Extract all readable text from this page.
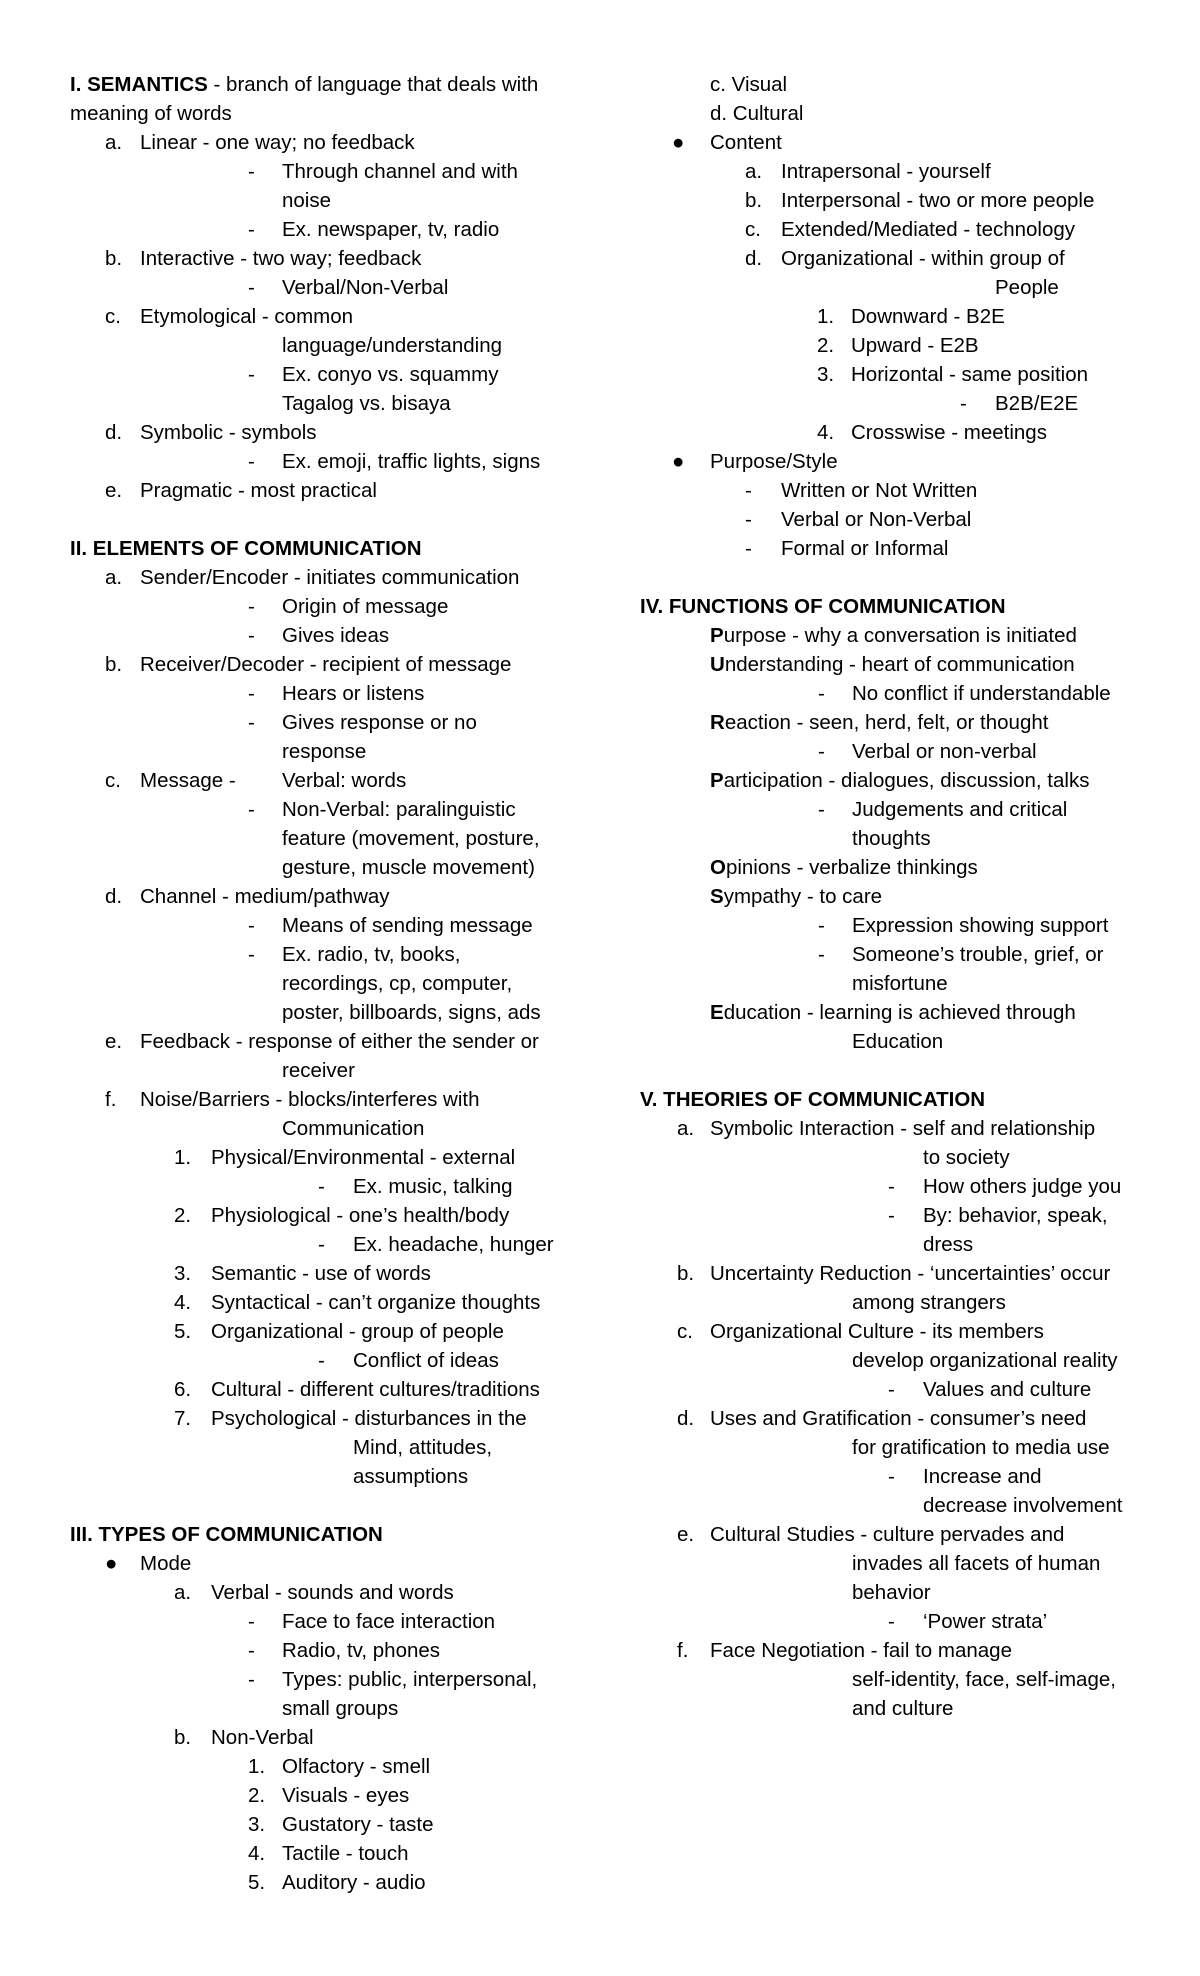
I. SEMANTICS - branch of language that deals with
meaning of words
a. Linear - one way; no feedback
- Through channel and with
noise
- Ex. newspaper, tv, radio
b. Interactive - two way; feedback
- Verbal/Non-Verbal
c. Etymological - common
language/understanding
- Ex. conyo vs. squammy
Tagalog vs. bisaya
d. Symbolic - symbols
- Ex. emoji, traffic lights, signs
e. Pragmatic - most practical
II. ELEMENTS OF COMMUNICATION
a. Sender/Encoder - initiates communication
- Origin of message
- Gives ideas
b. Receiver/Decoder - recipient of message
- Hears or listens
- Gives response or no
response
c. Message - Verbal: words
- Non-Verbal: paralinguistic
feature (movement, posture,
gesture, muscle movement)
d. Channel - medium/pathway
- Means of sending message
- Ex. radio, tv, books,
recordings, cp, computer,
poster, billboards, signs, ads
e. Feedback - response of either the sender or
receiver
f. Noise/Barriers - blocks/interferes with
Communication
1. Physical/Environmental - external
- Ex. music, talking
2. Physiological - one’s health/body
- Ex. headache, hunger
3. Semantic - use of words
4. Syntactical - can’t organize thoughts
5. Organizational - group of people
- Conflict of ideas
6. Cultural - different cultures/traditions
7. Psychological - disturbances in the
Mind, attitudes,
assumptions
III. TYPES OF COMMUNICATION
● Mode
a. Verbal - sounds and words
- Face to face interaction
- Radio, tv, phones
- Types: public, interpersonal,
small groups
b. Non-Verbal
1. Olfactory - smell
2. Visuals - eyes
3. Gustatory - taste
4. Tactile - touch
5. Auditory - audio
c. Visual
d. Cultural
● Content
a. Intrapersonal - yourself
b. Interpersonal - two or more people
c. Extended/Mediated - technology
d. Organizational - within group of
People
1. Downward - B2E
2. Upward - E2B
3. Horizontal - same position
- B2B/E2E
4. Crosswise - meetings
● Purpose/Style
- Written or Not Written
- Verbal or Non-Verbal
- Formal or Informal
IV. FUNCTIONS OF COMMUNICATION
Purpose - why a conversation is initiated
Understanding - heart of communication
- No conflict if understandable
Reaction - seen, herd, felt, or thought
- Verbal or non-verbal
Participation - dialogues, discussion, talks
- Judgements and critical
thoughts
Opinions - verbalize thinkings
Sympathy - to care
- Expression showing support
- Someone’s trouble, grief, or
misfortune
Education - learning is achieved through
Education
V. THEORIES OF COMMUNICATION
a. Symbolic Interaction - self and relationship
to society
- How others judge you
- By: behavior, speak,
dress
b. Uncertainty Reduction - ‘uncertainties’ occur
among strangers
c. Organizational Culture - its members
develop organizational reality
- Values and culture
d. Uses and Gratification - consumer’s need
for gratification to media use
- Increase and
decrease involvement
e. Cultural Studies - culture pervades and
invades all facets of human
behavior
- ‘Power strata’
f. Face Negotiation - fail to manage
self-identity, face, self-image,
and culture
